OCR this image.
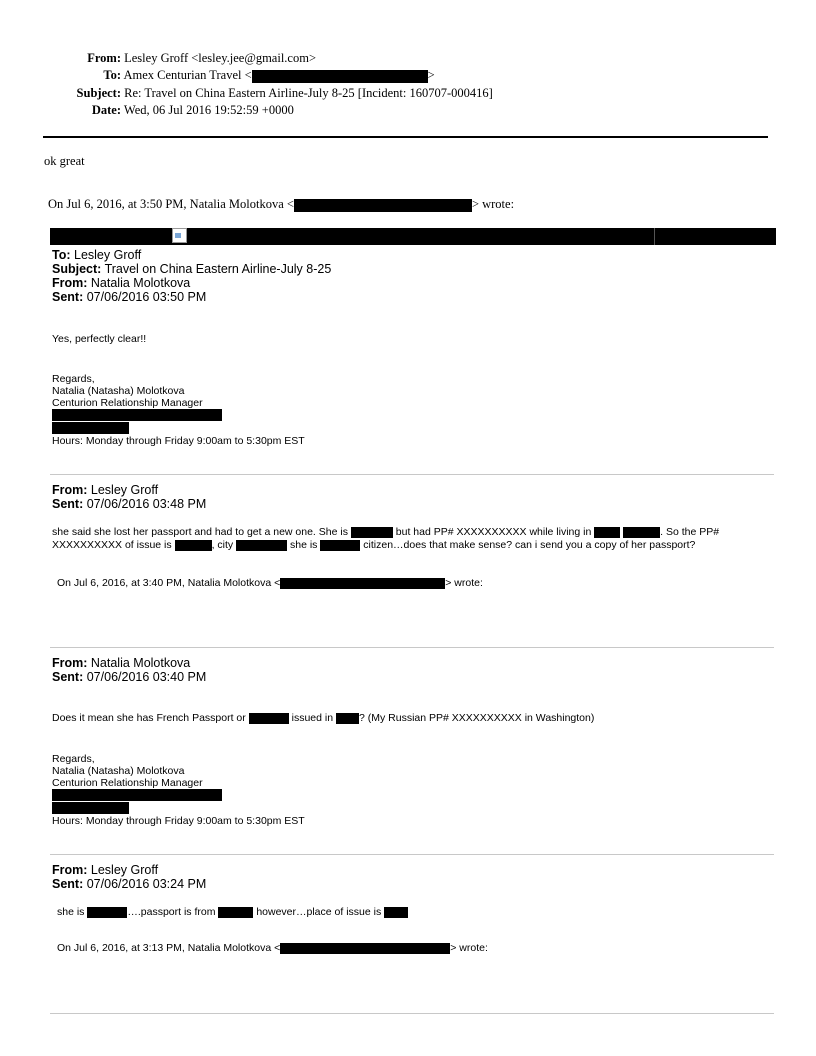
From: Lesley Groff <lesley.jee@gmail.com>
To: Amex Centurian Travel <	>
Subject: Re: Travel on China Eastern Airline-July 8-25 [Incident: 160707-000416]
Date: Wed, 06 Jul 2016 19:52:59 +0000
ok great
On Jul 6, 2016, at 3:50 PM, Natalia Molotkova <	> wrote:
To: Lesley Groff
Subject: Travel on China Eastern Airline-July 8-25
From: Natalia Molotkova
Sent: 07/06/2016 03:50 PM
Yes, perfectly clear!!
Regards,
Natalia (Natasha) Molotkova
Centurion Relationship Manager
Hours: Monday through Friday 9:00am to 5:30pm EST
From: Lesley Groff
Sent: 07/06/2016 03:48 PM
she said she lost her passport and had to get a new one. She is	but had PP# XXXXXXXXXX while living in	. So the PP#
XXXXXXXXXX of issue is	, city	she is	citizen…does that make sense? can i send you a copy of her passport?
On Jul 6, 2016, at 3:40 PM, Natalia Molotkova <	> wrote:
From: Natalia Molotkova
Sent: 07/06/2016 03:40 PM
Does it mean she has French Passport or	issued in ? (My Russian PP# XXXXXXXXXX in Washington)
Regards,
Natalia (Natasha) Molotkova
Centurion Relationship Manager
Hours: Monday through Friday 9:00am to 5:30pm EST
From: Lesley Groff
Sent: 07/06/2016 03:24 PM
she is	….passport is from	however…place of issue is
On Jul 6, 2016, at 3:13 PM, Natalia Molotkova <	> wrote:
